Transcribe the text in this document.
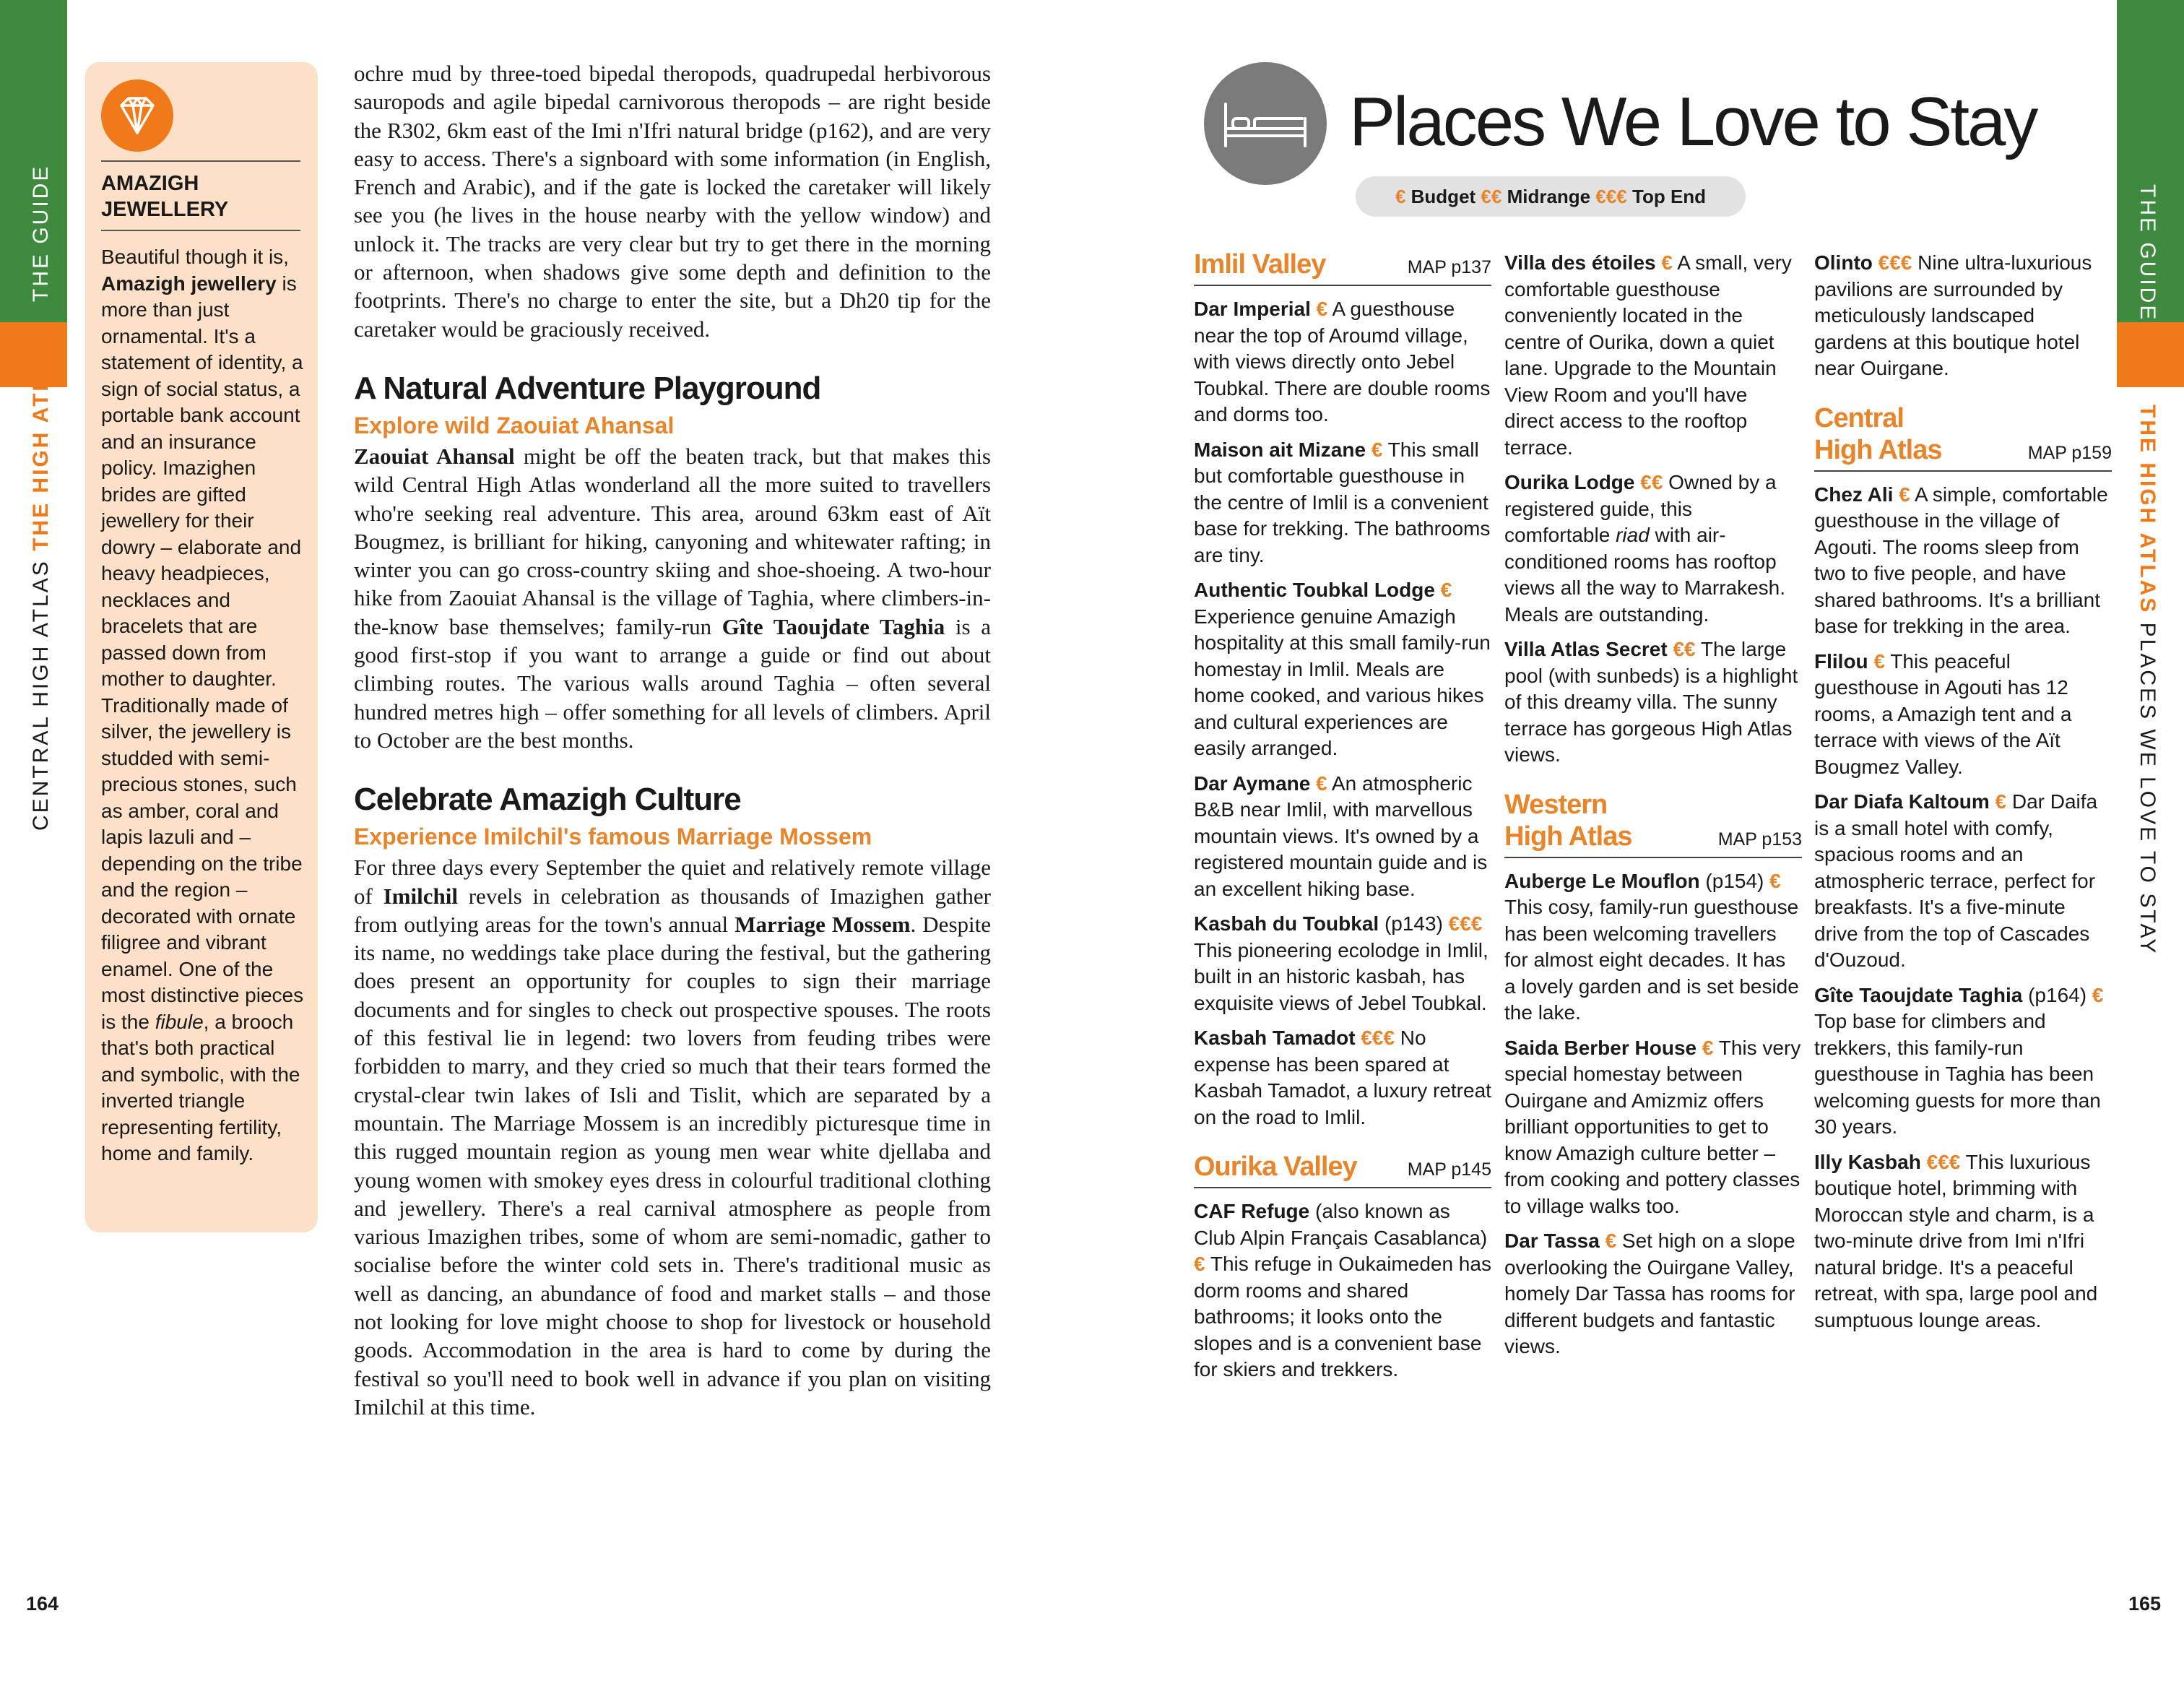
THE GUIDE
CENTRAL HIGH ATLAS THE HIGH ATLAS
THE GUIDE
THE HIGH ATLAS PLACES WE LOVE TO STAY
164	165
AMAZIGH JEWELLERY
Beautiful though it is, Amazigh jewellery is more than just ornamental. It's a statement of identity, a sign of social status, a portable bank account and an insurance policy. Imazighen brides are gifted jewellery for their dowry – elaborate and heavy headpieces, necklaces and bracelets that are passed down from mother to daughter. Traditionally made of silver, the jewellery is studded with semi-precious stones, such as amber, coral and lapis lazuli and – depending on the tribe and the region – decorated with ornate filigree and vibrant enamel. One of the most distinctive pieces is the fibule, a brooch that's both practical and symbolic, with the inverted triangle representing fertility, home and family.

ochre mud by three-toed bipedal theropods, quadrupedal herbivorous sauropods and agile bipedal carnivorous theropods – are right beside the R302, 6km east of the Imi n'Ifri natural bridge (p162), and are very easy to access. There's a signboard with some information (in English, French and Arabic), and if the gate is locked the caretaker will likely see you (he lives in the house nearby with the yellow window) and unlock it. The tracks are very clear but try to get there in the morning or afternoon, when shadows give some depth and definition to the footprints. There's no charge to enter the site, but a Dh20 tip for the caretaker would be graciously received.

A Natural Adventure Playground
Explore wild Zaouiat Ahansal

Zaouiat Ahansal might be off the beaten track, but that makes this wild Central High Atlas wonderland all the more suited to travellers who're seeking real adventure. This area, around 63km east of Aït Bougmez, is brilliant for hiking, canyoning and whitewater rafting; in winter you can go cross-country skiing and shoe-shoeing. A two-hour hike from Zaouiat Ahansal is the village of Taghia, where climbers-in-the-know base themselves; family-run Gîte Taoujdate Taghia is a good first-stop if you want to arrange a guide or find out about climbing routes. The various walls around Taghia – often several hundred metres high – offer something for all levels of climbers. April to October are the best months.

Celebrate Amazigh Culture
Experience Imilchil's famous Marriage Mossem

For three days every September the quiet and relatively remote village of Imilchil revels in celebration as thousands of Imazighen gather from outlying areas for the town's annual Marriage Mossem. Despite its name, no weddings take place during the festival, but the gathering does present an opportunity for couples to sign their marriage documents and for singles to check out prospective spouses. The roots of this festival lie in legend: two lovers from feuding tribes were forbidden to marry, and they cried so much that their tears formed the crystal-clear twin lakes of Isli and Tislit, which are separated by a mountain. The Marriage Mossem is an incredibly picturesque time in this rugged mountain region as young men wear white djellaba and young women with smokey eyes dress in colourful traditional clothing and jewellery. There's a real carnival atmosphere as people from various Imazighen tribes, some of whom are semi-nomadic, gather to socialise before the winter cold sets in. There's traditional music as well as dancing, an abundance of food and market stalls – and those not looking for love might choose to shop for livestock or household goods. Accommodation in the area is hard to come by during the festival so you'll need to book well in advance if you plan on visiting Imilchil at this time.

Places We Love to Stay
€ Budget €€ Midrange €€€ Top End
Imlil Valley	MAP p137

Dar Imperial € A guesthouse near the top of Aroumd village, with views directly onto Jebel Toubkal. There are double rooms and dorms too.

Maison ait Mizane € This small but comfortable guesthouse in the centre of Imlil is a convenient base for trekking. The bathrooms are tiny.

Authentic Toubkal Lodge € Experience genuine Amazigh hospitality at this small family-run homestay in Imlil. Meals are home cooked, and various hikes and cultural experiences are easily arranged.

Dar Aymane € An atmospheric B&B near Imlil, with marvellous mountain views. It's owned by a registered mountain guide and is an excellent hiking base.

Kasbah du Toubkal (p143) €€€ This pioneering ecolodge in Imlil, built in an historic kasbah, has exquisite views of Jebel Toubkal.

Kasbah Tamadot €€€ No expense has been spared at Kasbah Tamadot, a luxury retreat on the road to Imlil.

Ourika Valley	MAP p145

CAF Refuge (also known as Club Alpin Français Casablanca) € This refuge in Oukaimeden has dorm rooms and shared bathrooms; it looks onto the slopes and is a convenient base for skiers and trekkers.

Villa des étoiles € A small, very comfortable guesthouse conveniently located in the centre of Ourika, down a quiet lane. Upgrade to the Mountain View Room and you'll have direct access to the rooftop terrace.

Ourika Lodge €€ Owned by a registered guide, this comfortable riad with air-conditioned rooms has rooftop views all the way to Marrakesh. Meals are outstanding.

Villa Atlas Secret €€ The large pool (with sunbeds) is a highlight of this dreamy villa. The sunny terrace has gorgeous High Atlas views.

Western High Atlas	MAP p153

Auberge Le Mouflon (p154) € This cosy, family-run guesthouse has been welcoming travellers for almost eight decades. It has a lovely garden and is set beside the lake.

Saida Berber House € This very special homestay between Ouirgane and Amizmiz offers brilliant opportunities to get to know Amazigh culture better – from cooking and pottery classes to village walks too.

Dar Tassa € Set high on a slope overlooking the Ouirgane Valley, homely Dar Tassa has rooms for different budgets and fantastic views.

Olinto €€€ Nine ultra-luxurious pavilions are surrounded by meticulously landscaped gardens at this boutique hotel near Ouirgane.

Central High Atlas	MAP p159

Chez Ali € A simple, comfortable guesthouse in the village of Agouti. The rooms sleep from two to five people, and have shared bathrooms. It's a brilliant base for trekking in the area.

Flilou € This peaceful guesthouse in Agouti has 12 rooms, a Amazigh tent and a terrace with views of the Aït Bougmez Valley.

Dar Diafa Kaltoum € Dar Daifa is a small hotel with comfy, spacious rooms and an atmospheric terrace, perfect for breakfasts. It's a five-minute drive from the top of Cascades d'Ouzoud.

Gîte Taoujdate Taghia (p164) € Top base for climbers and trekkers, this family-run guesthouse in Taghia has been welcoming guests for more than 30 years.

Illy Kasbah €€€ This luxurious boutique hotel, brimming with Moroccan style and charm, is a two-minute drive from Imi n'Ifri natural bridge. It's a peaceful retreat, with spa, large pool and sumptuous lounge areas.
